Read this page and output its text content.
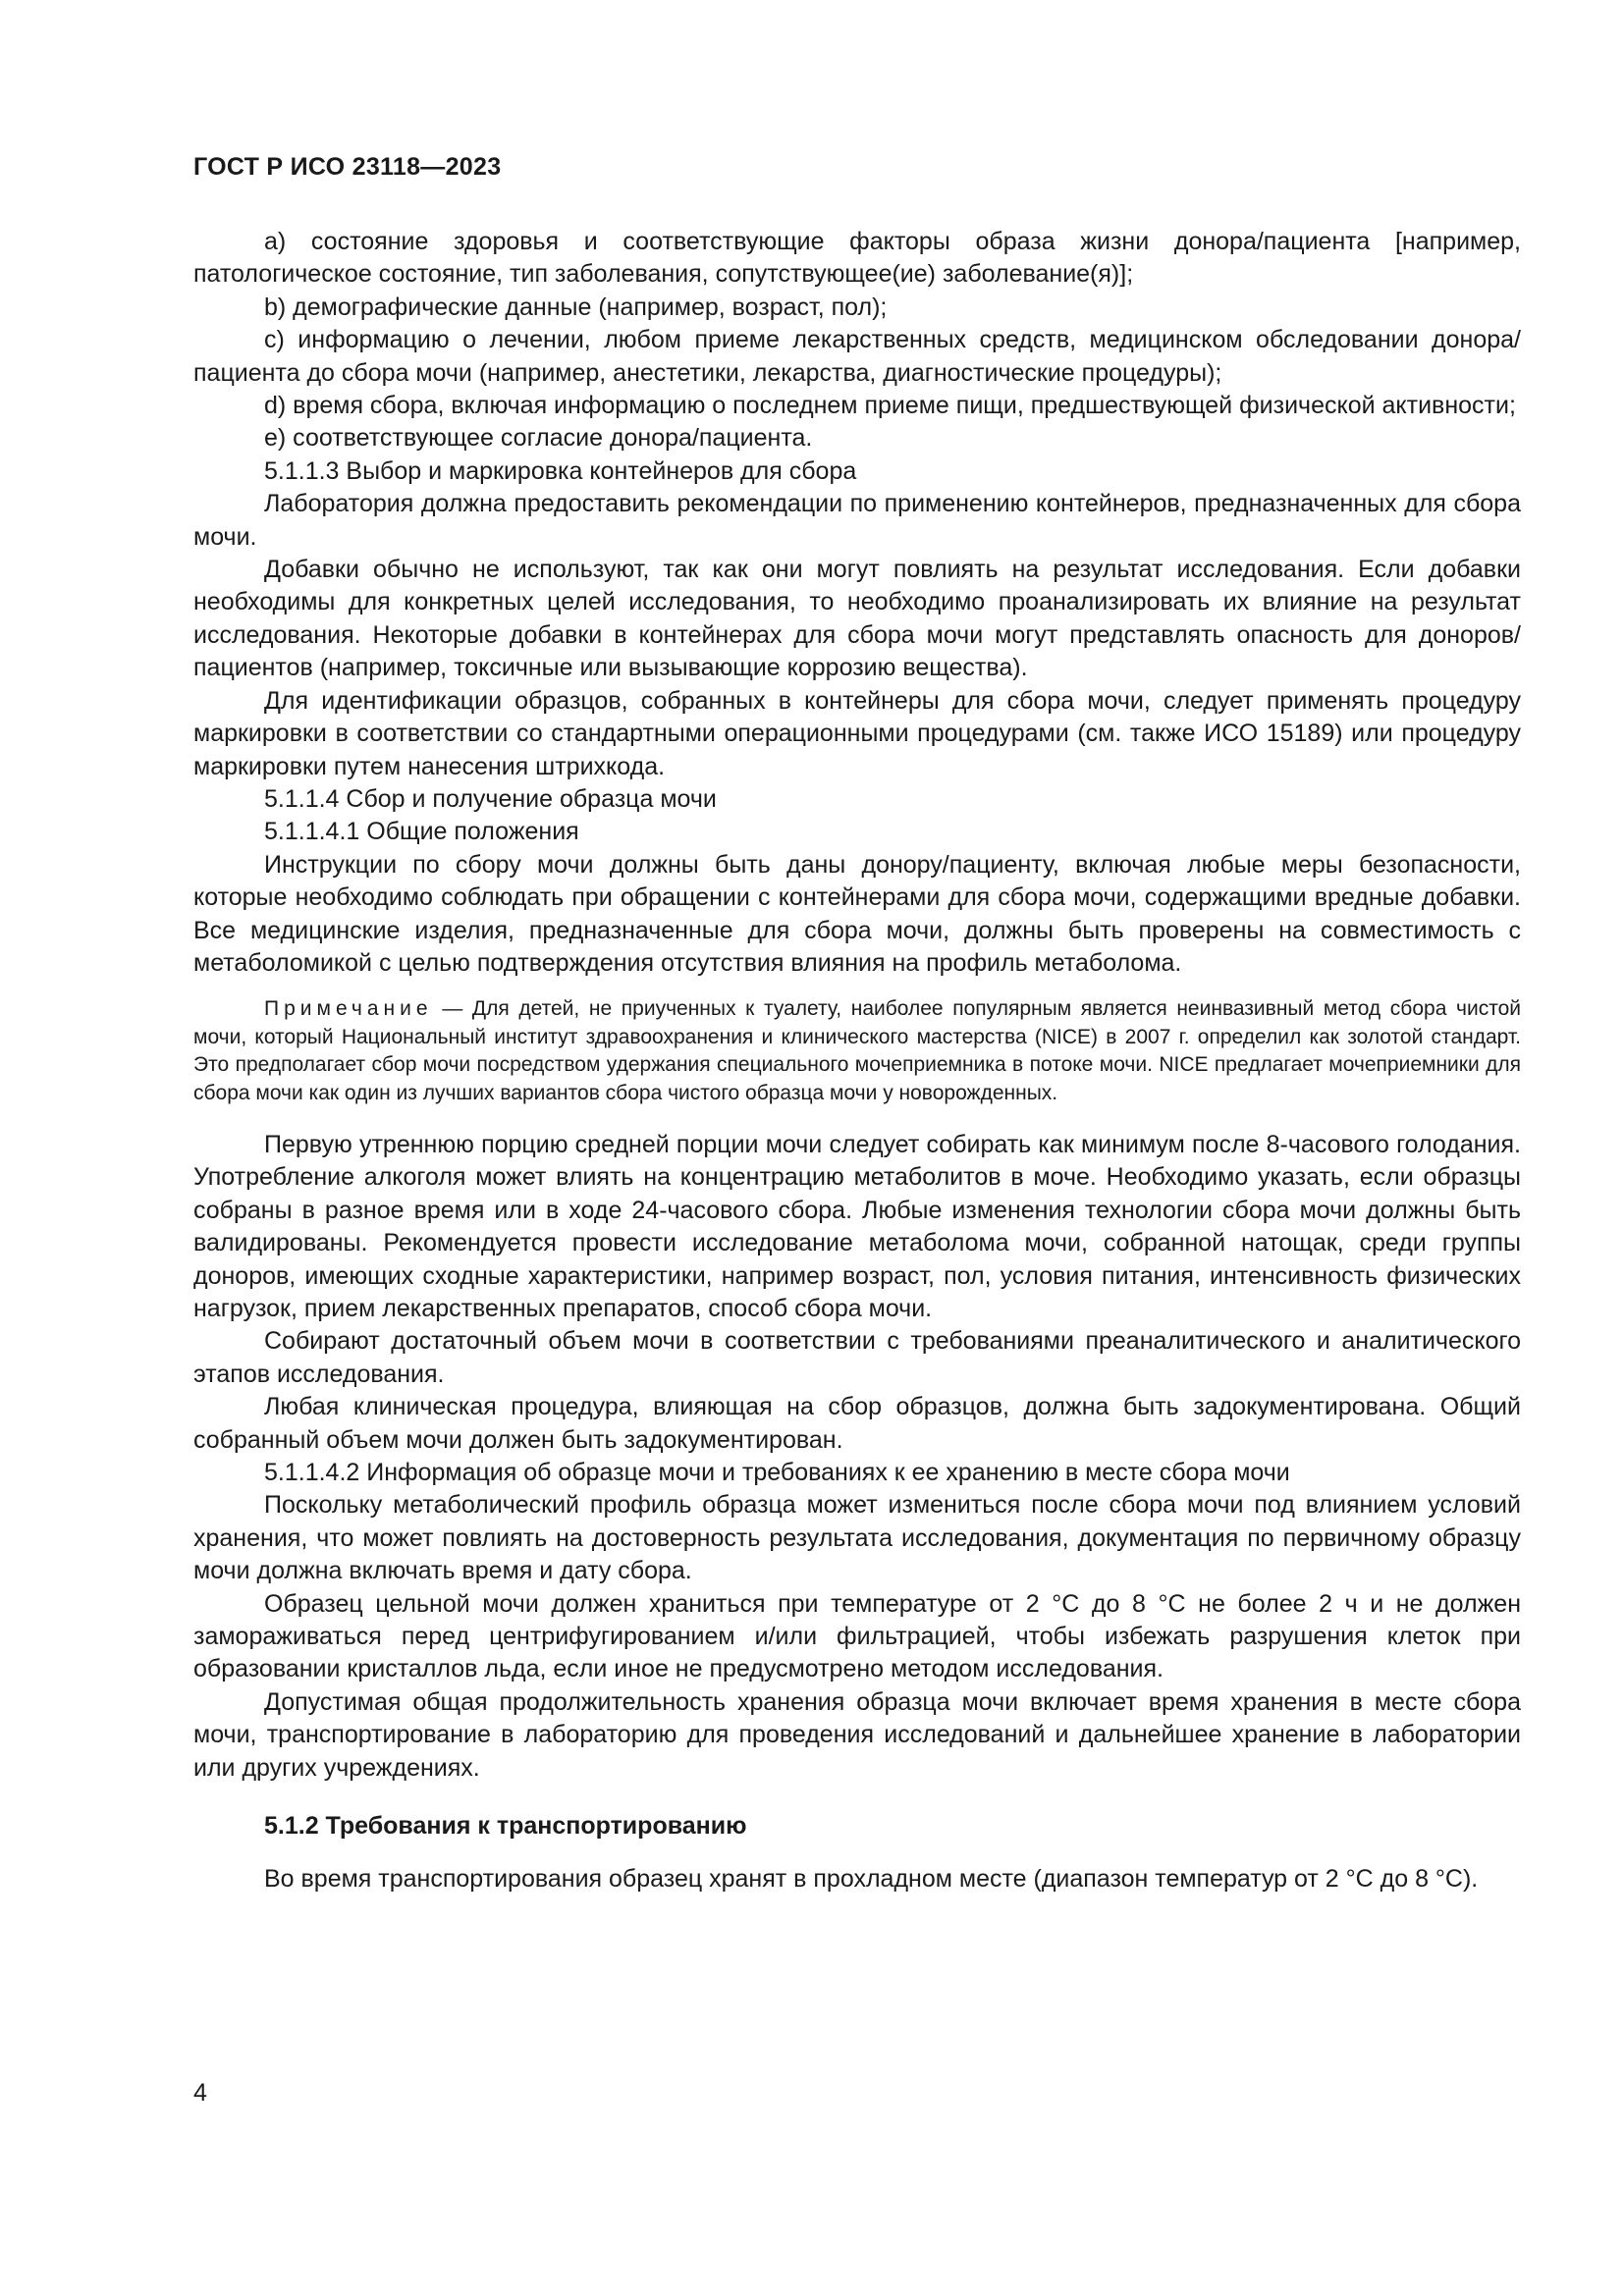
ГОСТ Р ИСО 23118—2023

a) состояние здоровья и соответствующие факторы образа жизни донора/пациента [например, патологическое состояние, тип заболевания, сопутствующее(ие) заболевание(я)];

b) демографические данные (например, возраст, пол);

c) информацию о лечении, любом приеме лекарственных средств, медицинском обследовании донора/пациента до сбора мочи (например, анестетики, лекарства, диагностические процедуры);

d) время сбора, включая информацию о последнем приеме пищи, предшествующей физической активности;

e) соответствующее согласие донора/пациента.

5.1.1.3 Выбор и маркировка контейнеров для сбора

Лаборатория должна предоставить рекомендации по применению контейнеров, предназначенных для сбора мочи.

Добавки обычно не используют, так как они могут повлиять на результат исследования. Если добавки необходимы для конкретных целей исследования, то необходимо проанализировать их влияние на результат исследования. Некоторые добавки в контейнерах для сбора мочи могут представлять опасность для доноров/пациентов (например, токсичные или вызывающие коррозию вещества).

Для идентификации образцов, собранных в контейнеры для сбора мочи, следует применять процедуру маркировки в соответствии со стандартными операционными процедурами (см. также ИСО 15189) или процедуру маркировки путем нанесения штрихкода.

5.1.1.4 Сбор и получение образца мочи

5.1.1.4.1 Общие положения

Инструкции по сбору мочи должны быть даны донору/пациенту, включая любые меры безопасности, которые необходимо соблюдать при обращении с контейнерами для сбора мочи, содержащими вредные добавки. Все медицинские изделия, предназначенные для сбора мочи, должны быть проверены на совместимость с метаболомикой с целью подтверждения отсутствия влияния на профиль метаболома.

Примечание — Для детей, не приученных к туалету, наиболее популярным является неинвазивный метод сбора чистой мочи, который Национальный институт здравоохранения и клинического мастерства (NICE) в 2007 г. определил как золотой стандарт. Это предполагает сбор мочи посредством удержания специального мочеприемника в потоке мочи. NICE предлагает мочеприемники для сбора мочи как один из лучших вариантов сбора чистого образца мочи у новорожденных.

Первую утреннюю порцию средней порции мочи следует собирать как минимум после 8-часового голодания. Употребление алкоголя может влиять на концентрацию метаболитов в моче. Необходимо указать, если образцы собраны в разное время или в ходе 24-часового сбора. Любые изменения технологии сбора мочи должны быть валидированы. Рекомендуется провести исследование метаболома мочи, собранной натощак, среди группы доноров, имеющих сходные характеристики, например возраст, пол, условия питания, интенсивность физических нагрузок, прием лекарственных препаратов, способ сбора мочи.

Собирают достаточный объем мочи в соответствии с требованиями преаналитического и аналитического этапов исследования.

Любая клиническая процедура, влияющая на сбор образцов, должна быть задокументирована. Общий собранный объем мочи должен быть задокументирован.

5.1.1.4.2 Информация об образце мочи и требованиях к ее хранению в месте сбора мочи

Поскольку метаболический профиль образца может измениться после сбора мочи под влиянием условий хранения, что может повлиять на достоверность результата исследования, документация по первичному образцу мочи должна включать время и дату сбора.

Образец цельной мочи должен храниться при температуре от 2 °C до 8 °C не более 2 ч и не должен замораживаться перед центрифугированием и/или фильтрацией, чтобы избежать разрушения клеток при образовании кристаллов льда, если иное не предусмотрено методом исследования.

Допустимая общая продолжительность хранения образца мочи включает время хранения в месте сбора мочи, транспортирование в лабораторию для проведения исследований и дальнейшее хранение в лаборатории или других учреждениях.

5.1.2 Требования к транспортированию

Во время транспортирования образец хранят в прохладном месте (диапазон температур от 2 °C до 8 °C).

4
